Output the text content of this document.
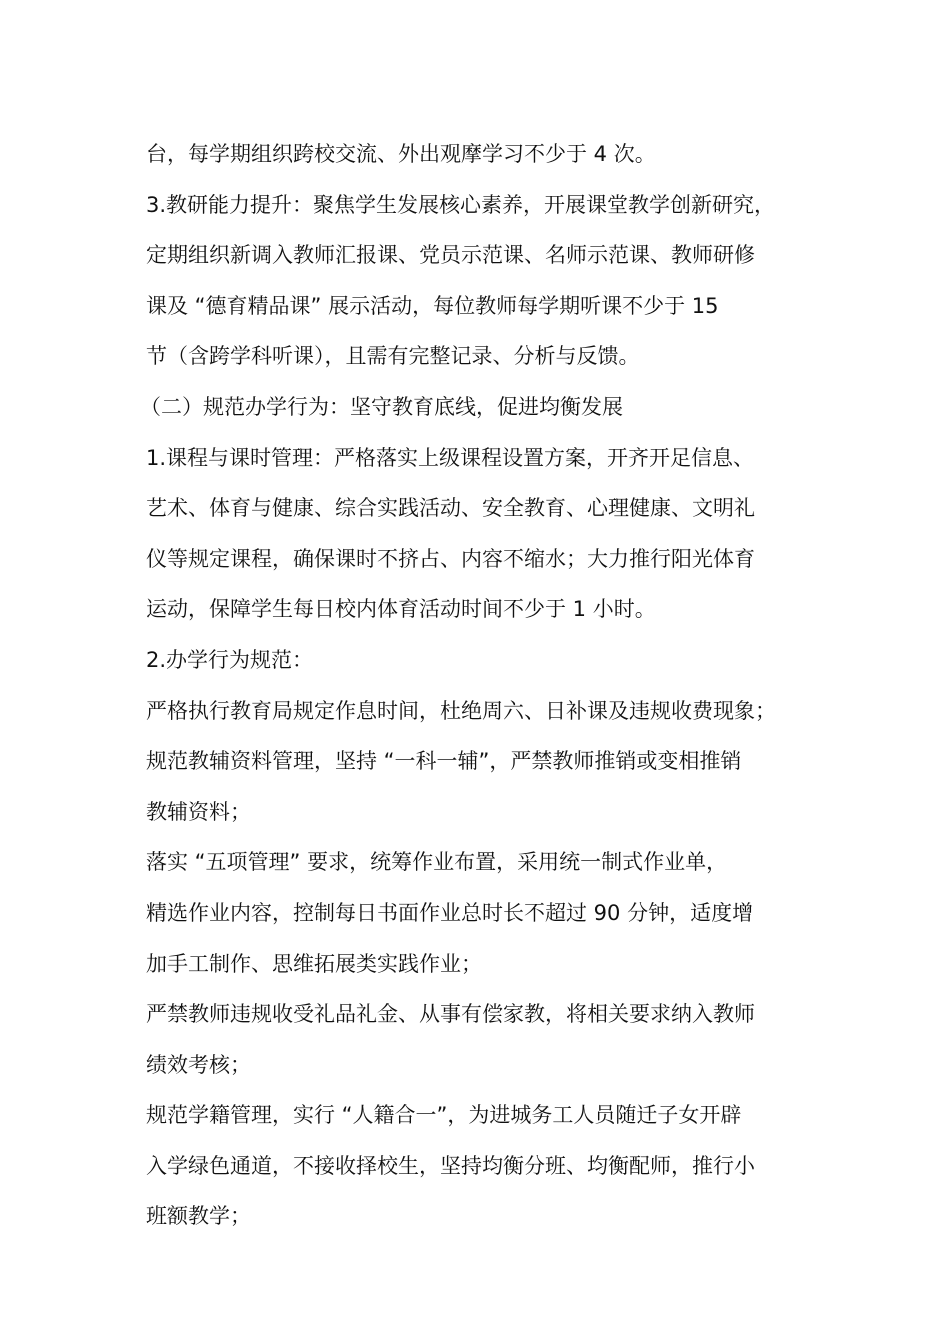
台，每学期组织跨校交流、外出观摩学习不少于 4 次。
3.教研能力提升：聚焦学生发展核心素养，开展课堂教学创新研究，
定期组织新调入教师汇报课、党员示范课、名师示范课、教师研修
课及 “德育精品课” 展示活动，每位教师每学期听课不少于 15
节（含跨学科听课），且需有完整记录、分析与反馈。
（二）规范办学行为：坚守教育底线，促进均衡发展
1.课程与课时管理：严格落实上级课程设置方案，开齐开足信息、
艺术、体育与健康、综合实践活动、安全教育、心理健康、文明礼
仪等规定课程，确保课时不挤占、内容不缩水；大力推行阳光体育
运动，保障学生每日校内体育活动时间不少于 1 小时。
2.办学行为规范：
严格执行教育局规定作息时间，杜绝周六、日补课及违规收费现象；
规范教辅资料管理，坚持 “一科一辅”，严禁教师推销或变相推销
教辅资料；
落实 “五项管理” 要求，统筹作业布置，采用统一制式作业单，
精选作业内容，控制每日书面作业总时长不超过 90 分钟，适度增
加手工制作、思维拓展类实践作业；
严禁教师违规收受礼品礼金、从事有偿家教，将相关要求纳入教师
绩效考核；
规范学籍管理，实行 “人籍合一”，为进城务工人员随迁子女开辟
入学绿色通道，不接收择校生，坚持均衡分班、均衡配师，推行小
班额教学；
